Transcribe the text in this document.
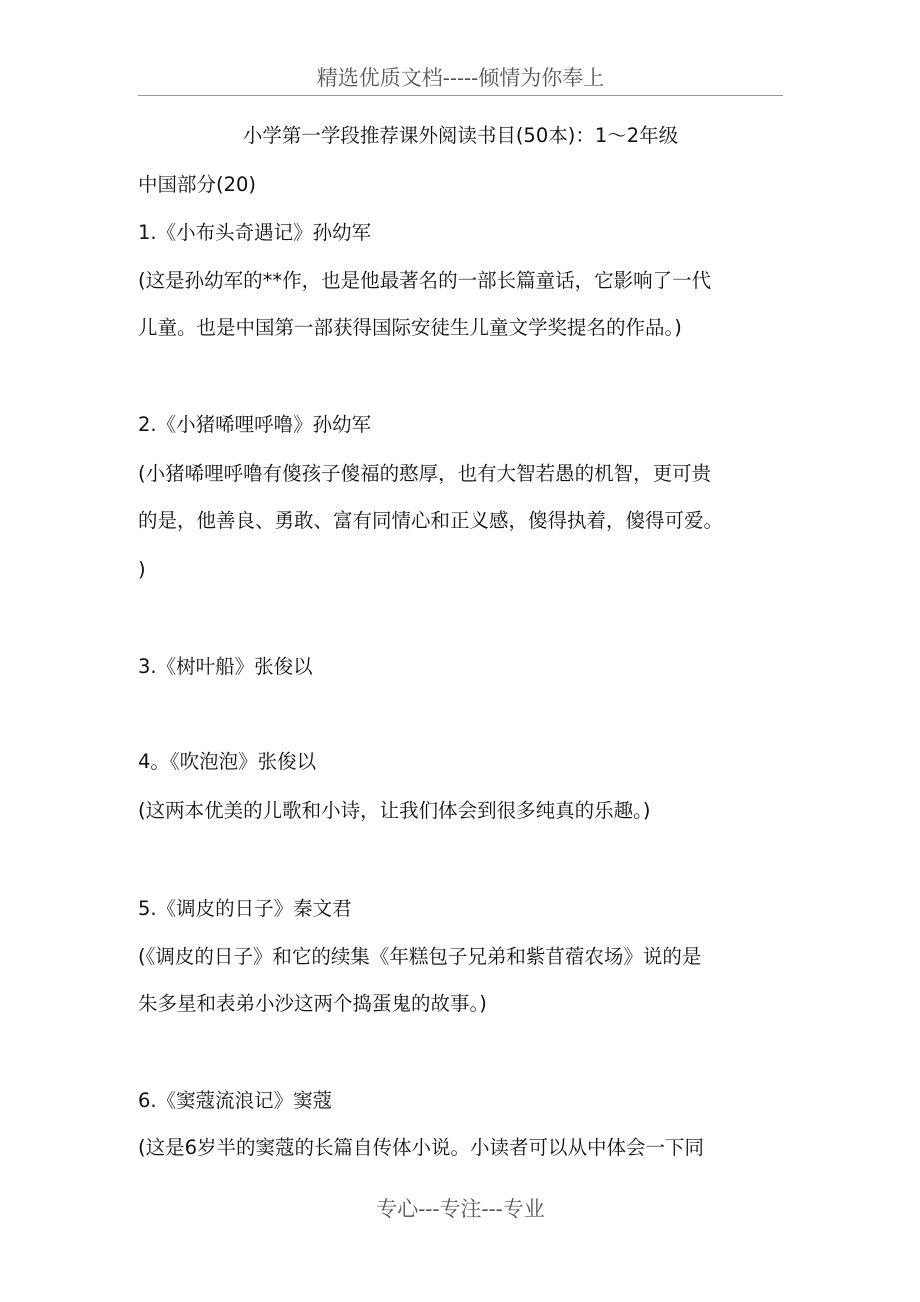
精选优质文档-----倾情为你奉上
小学第一学段推荐课外阅读书目(50本)：1～2年级
中国部分(20)
1.《小布头奇遇记》孙幼军
(这是孙幼军的**作，也是他最著名的一部长篇童话，它影响了一代
儿童。也是中国第一部获得国际安徒生儿童文学奖提名的作品。)
2.《小猪唏哩呼噜》孙幼军
(小猪唏哩呼噜有傻孩子傻福的憨厚，也有大智若愚的机智，更可贵
的是，他善良、勇敢、富有同情心和正义感，傻得执着，傻得可爱。
)
3.《树叶船》张俊以
4。《吹泡泡》张俊以
(这两本优美的儿歌和小诗，让我们体会到很多纯真的乐趣。)
5.《调皮的日子》秦文君
(《调皮的日子》和它的续集《年糕包子兄弟和紫苜蓿农场》说的是
朱多星和表弟小沙这两个捣蛋鬼的故事。)
6.《窦蔻流浪记》窦蔻
(这是6岁半的窦蔻的长篇自传体小说。小读者可以从中体会一下同
专心---专注---专业
